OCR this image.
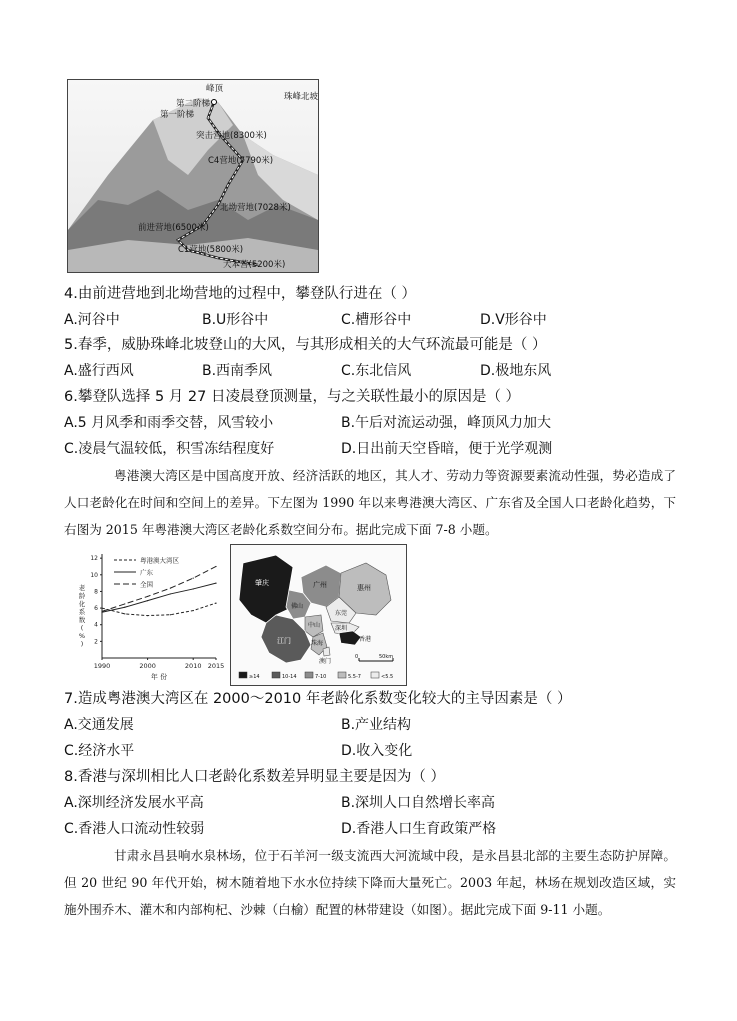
峰顶
珠峰北坡
第二阶梯
第一阶梯
突击营地(8300米)
C4营地(7790米)
北坳营地(7028米)
前进营地(6500米)
C1营地(5800米)
大本营(5200米)
4.由前进营地到北坳营地的过程中，攀登队行进在（ ）
A.河谷中	B.U形谷中	C.槽形谷中	D.V形谷中
5.春季，威胁珠峰北坡登山的大风，与其形成相关的大气环流最可能是（ ）
A.盛行西风	B.西南季风	C.东北信风	D.极地东风
6.攀登队选择 5 月 27 日凌晨登顶测量，与之关联性最小的原因是（ ）
A.5 月风季和雨季交替，风雪较小	B.午后对流运动强，峰顶风力加大
C.凌晨气温较低，积雪冻结程度好	D.日出前天空昏暗，便于光学观测
粤港澳大湾区是中国高度开放、经济活跃的地区，其人才、劳动力等资源要素流动性强，势必造成了人口老龄化在时间和空间上的差异。下左图为 1990 年以来粤港澳大湾区、广东省及全国人口老龄化趋势，下右图为 2015 年粤港澳大湾区老龄化系数空间分布。据此完成下面 7-8 小题。
2
4
6
8
10
12
1990	2000	2010 2015
年 份
老
龄
化
系
数
(
%
)
粤港澳大湾区
广东
全国	肇庆	广州	惠州
佛山
东莞
深圳
中山
江门	珠海
澳门
香港
0	50km
≥14	10-14	7-10	5.5-7	<5.5
7.造成粤港澳大湾区在 2000～2010 年老龄化系数变化较大的主导因素是（ ）
A.交通发展	B.产业结构
C.经济水平	D.收入变化
8.香港与深圳相比人口老龄化系数差异明显主要是因为（ ）
A.深圳经济发展水平高	B.深圳人口自然增长率高
C.香港人口流动性较弱	D.香港人口生育政策严格
甘肃永昌县响水泉林场，位于石羊河一级支流西大河流域中段，是永昌县北部的主要生态防护屏障。但 20 世纪 90 年代开始，树木随着地下水水位持续下降而大量死亡。2003 年起，林场在规划改造区域，实施外围乔木、灌木和内部枸杞、沙棘（白榆）配置的林带建设（如图）。据此完成下面 9-11 小题。
